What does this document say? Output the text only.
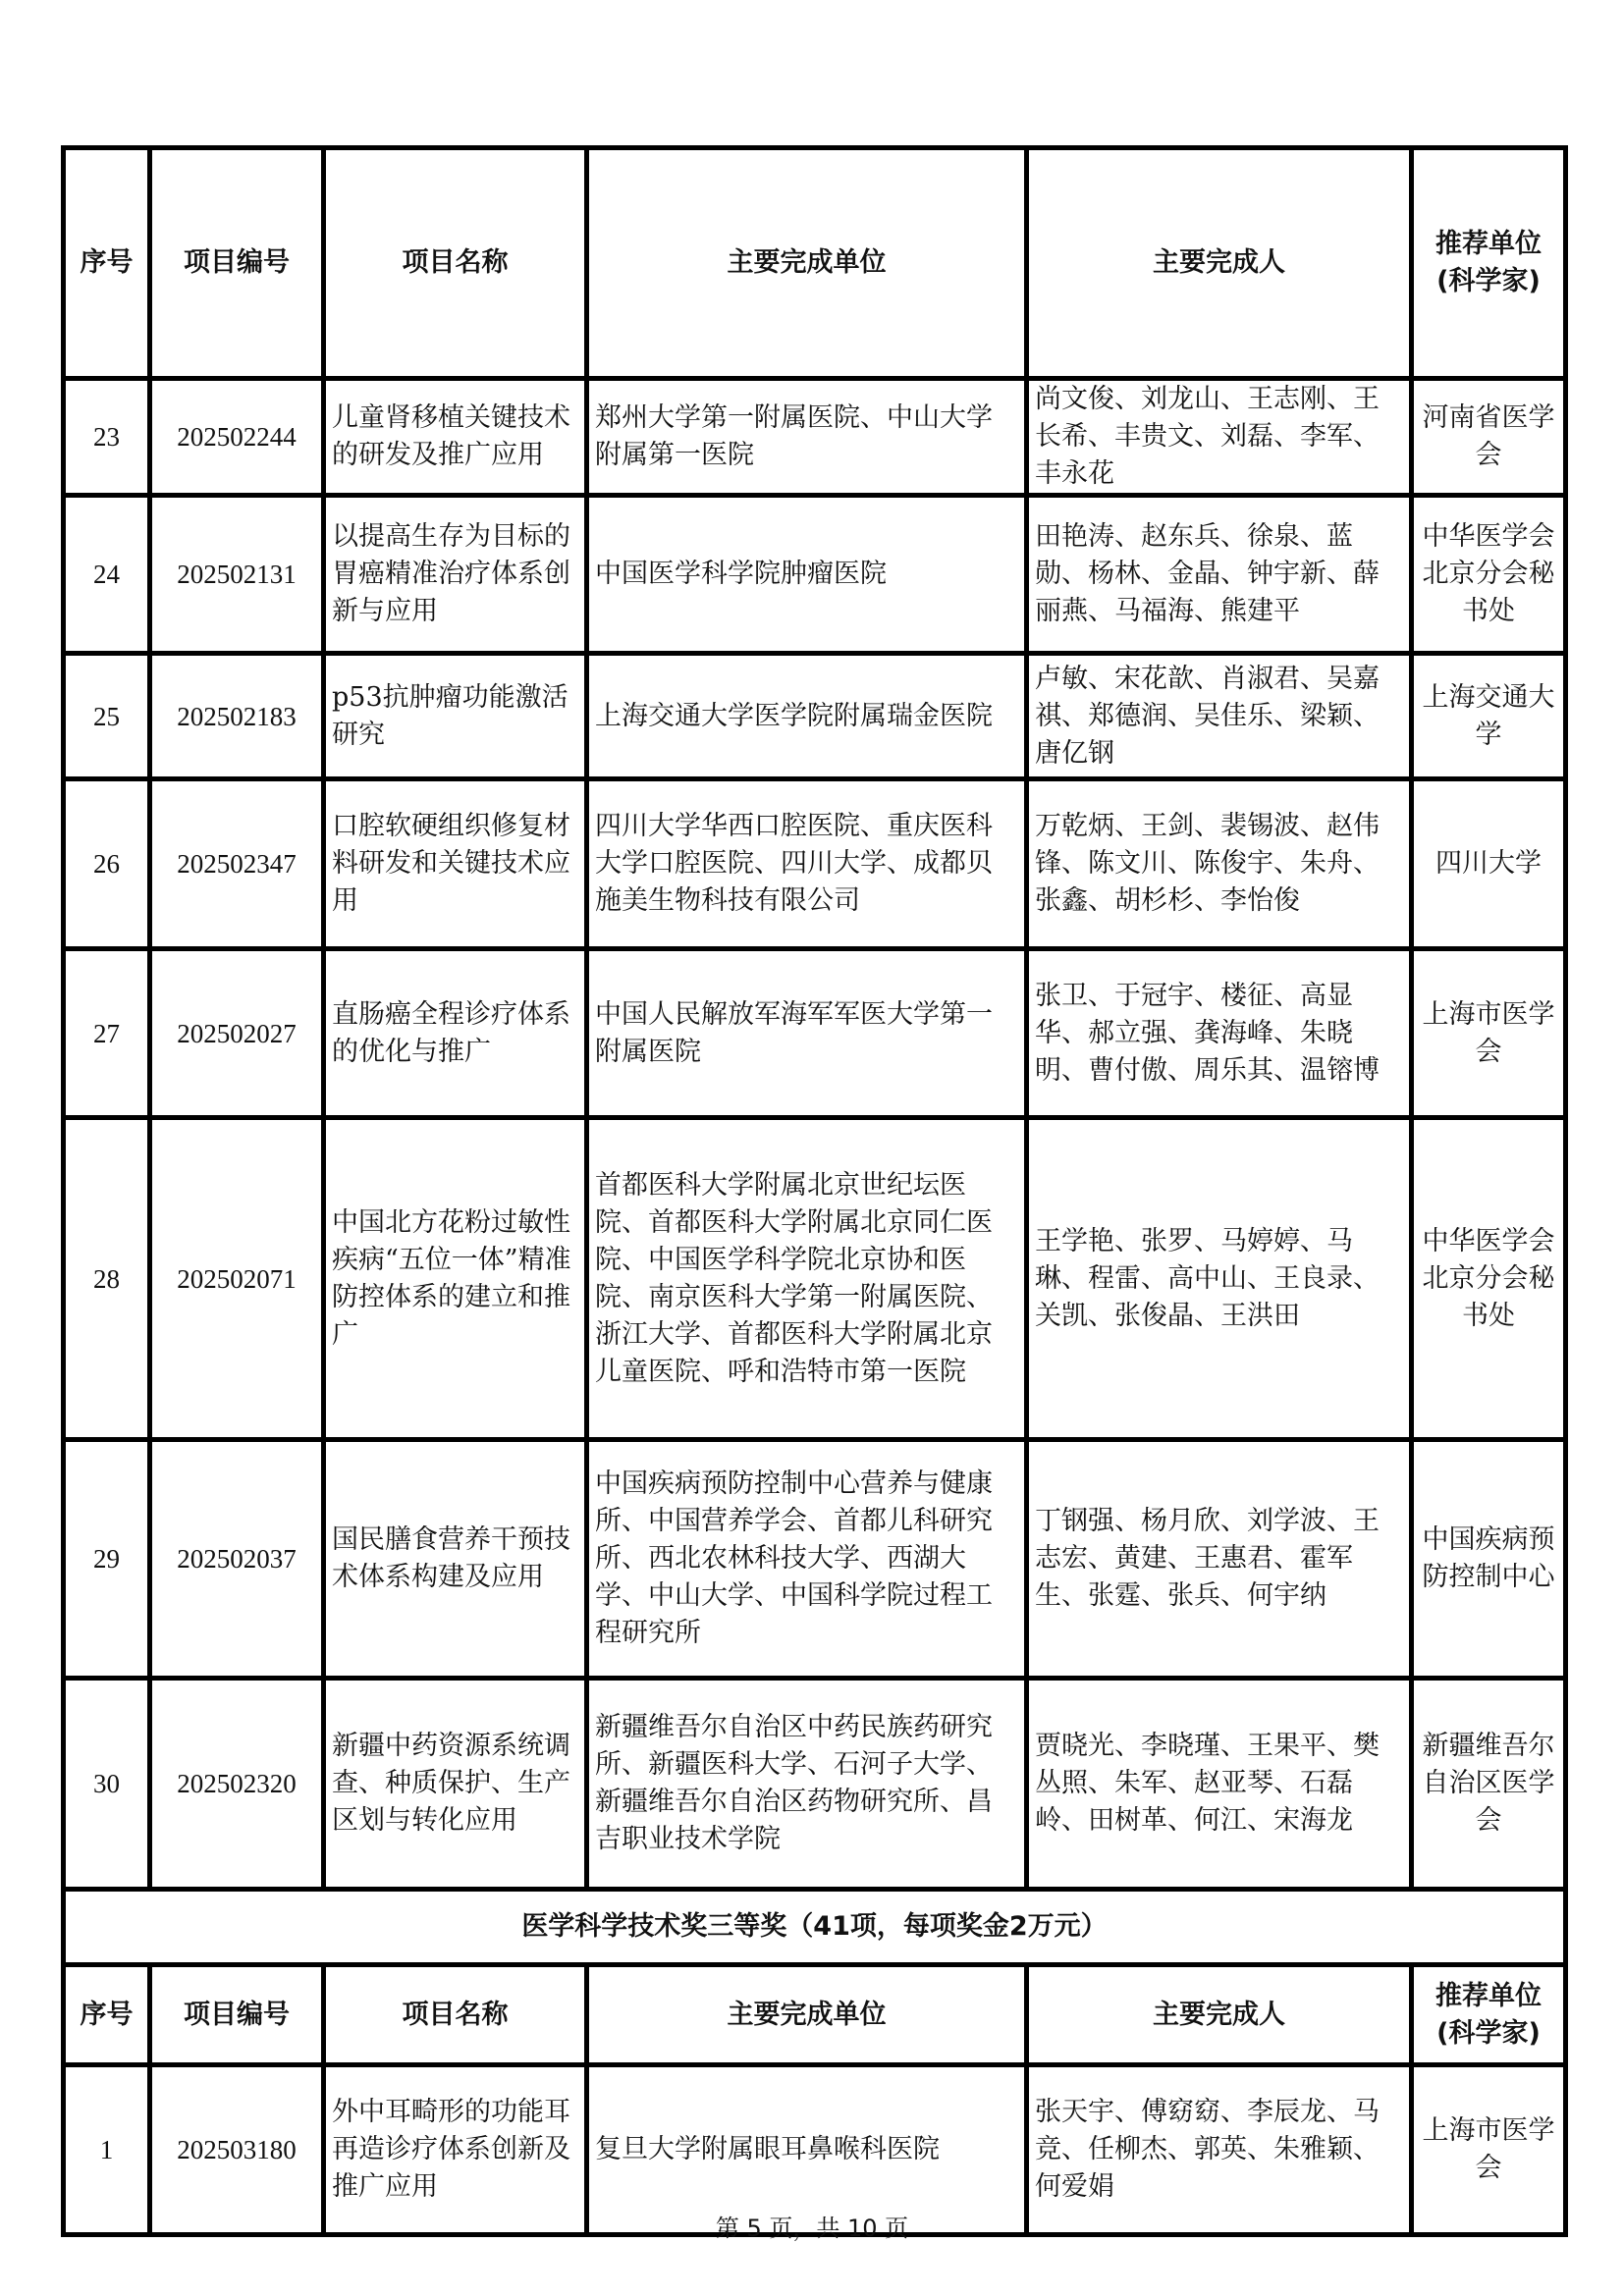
序号	项目编号	项目名称	主要完成单位	主要完成人	推荐单位
(科学家)

23	202502244	儿童肾移植关键技术的研发及推广应用	郑州大学第一附属医院、中山大学附属第一医院	尚文俊、刘龙山、王志刚、王长希、丰贵文、刘磊、李军、丰永花	河南省医学会
24	202502131	以提高生存为目标的胃癌精准治疗体系创新与应用	中国医学科学院肿瘤医院	田艳涛、赵东兵、徐泉、蓝勋、杨林、金晶、钟宇新、薛丽燕、马福海、熊建平	中华医学会北京分会秘书处
25	202502183	p53抗肿瘤功能激活研究	上海交通大学医学院附属瑞金医院	卢敏、宋花歆、肖淑君、吴嘉祺、郑德润、吴佳乐、梁颖、唐亿钢	上海交通大学
26	202502347	口腔软硬组织修复材料研发和关键技术应用	四川大学华西口腔医院、重庆医科大学口腔医院、四川大学、成都贝施美生物科技有限公司	万乾炳、王剑、裴锡波、赵伟锋、陈文川、陈俊宇、朱舟、张鑫、胡杉杉、李怡俊	四川大学
27	202502027	直肠癌全程诊疗体系的优化与推广	中国人民解放军海军军医大学第一附属医院	张卫、于冠宇、楼征、高显华、郝立强、龚海峰、朱晓明、曹付傲、周乐其、温镕博	上海市医学会
28	202502071	中国北方花粉过敏性疾病“五位一体”精准防控体系的建立和推广	首都医科大学附属北京世纪坛医院、首都医科大学附属北京同仁医院、中国医学科学院北京协和医院、南京医科大学第一附属医院、浙江大学、首都医科大学附属北京儿童医院、呼和浩特市第一医院	王学艳、张罗、马婷婷、马琳、程雷、高中山、王良录、关凯、张俊晶、王洪田	中华医学会北京分会秘书处
29	202502037	国民膳食营养干预技术体系构建及应用	中国疾病预防控制中心营养与健康所、中国营养学会、首都儿科研究所、西北农林科技大学、西湖大学、中山大学、中国科学院过程工程研究所	丁钢强、杨月欣、刘学波、王志宏、黄建、王惠君、霍军生、张霆、张兵、何宇纳	中国疾病预防控制中心
30	202502320	新疆中药资源系统调查、种质保护、生产区划与转化应用	新疆维吾尔自治区中药民族药研究所、新疆医科大学、石河子大学、新疆维吾尔自治区药物研究所、昌吉职业技术学院	贾晓光、李晓瑾、王果平、樊丛照、朱军、赵亚琴、石磊岭、田树革、何江、宋海龙	新疆维吾尔自治区医学会
医学科学技术奖三等奖（41项，每项奖金2万元）					
序号	项目编号	项目名称	主要完成单位	主要完成人	推荐单位
(科学家)

1	202503180	外中耳畸形的功能耳再造诊疗体系创新及推广应用	复旦大学附属眼耳鼻喉科医院	张天宇、傅窈窈、李辰龙、马竞、任柳杰、郭英、朱雅颖、何爱娟	上海市医学会
第 5 页，共 10 页
